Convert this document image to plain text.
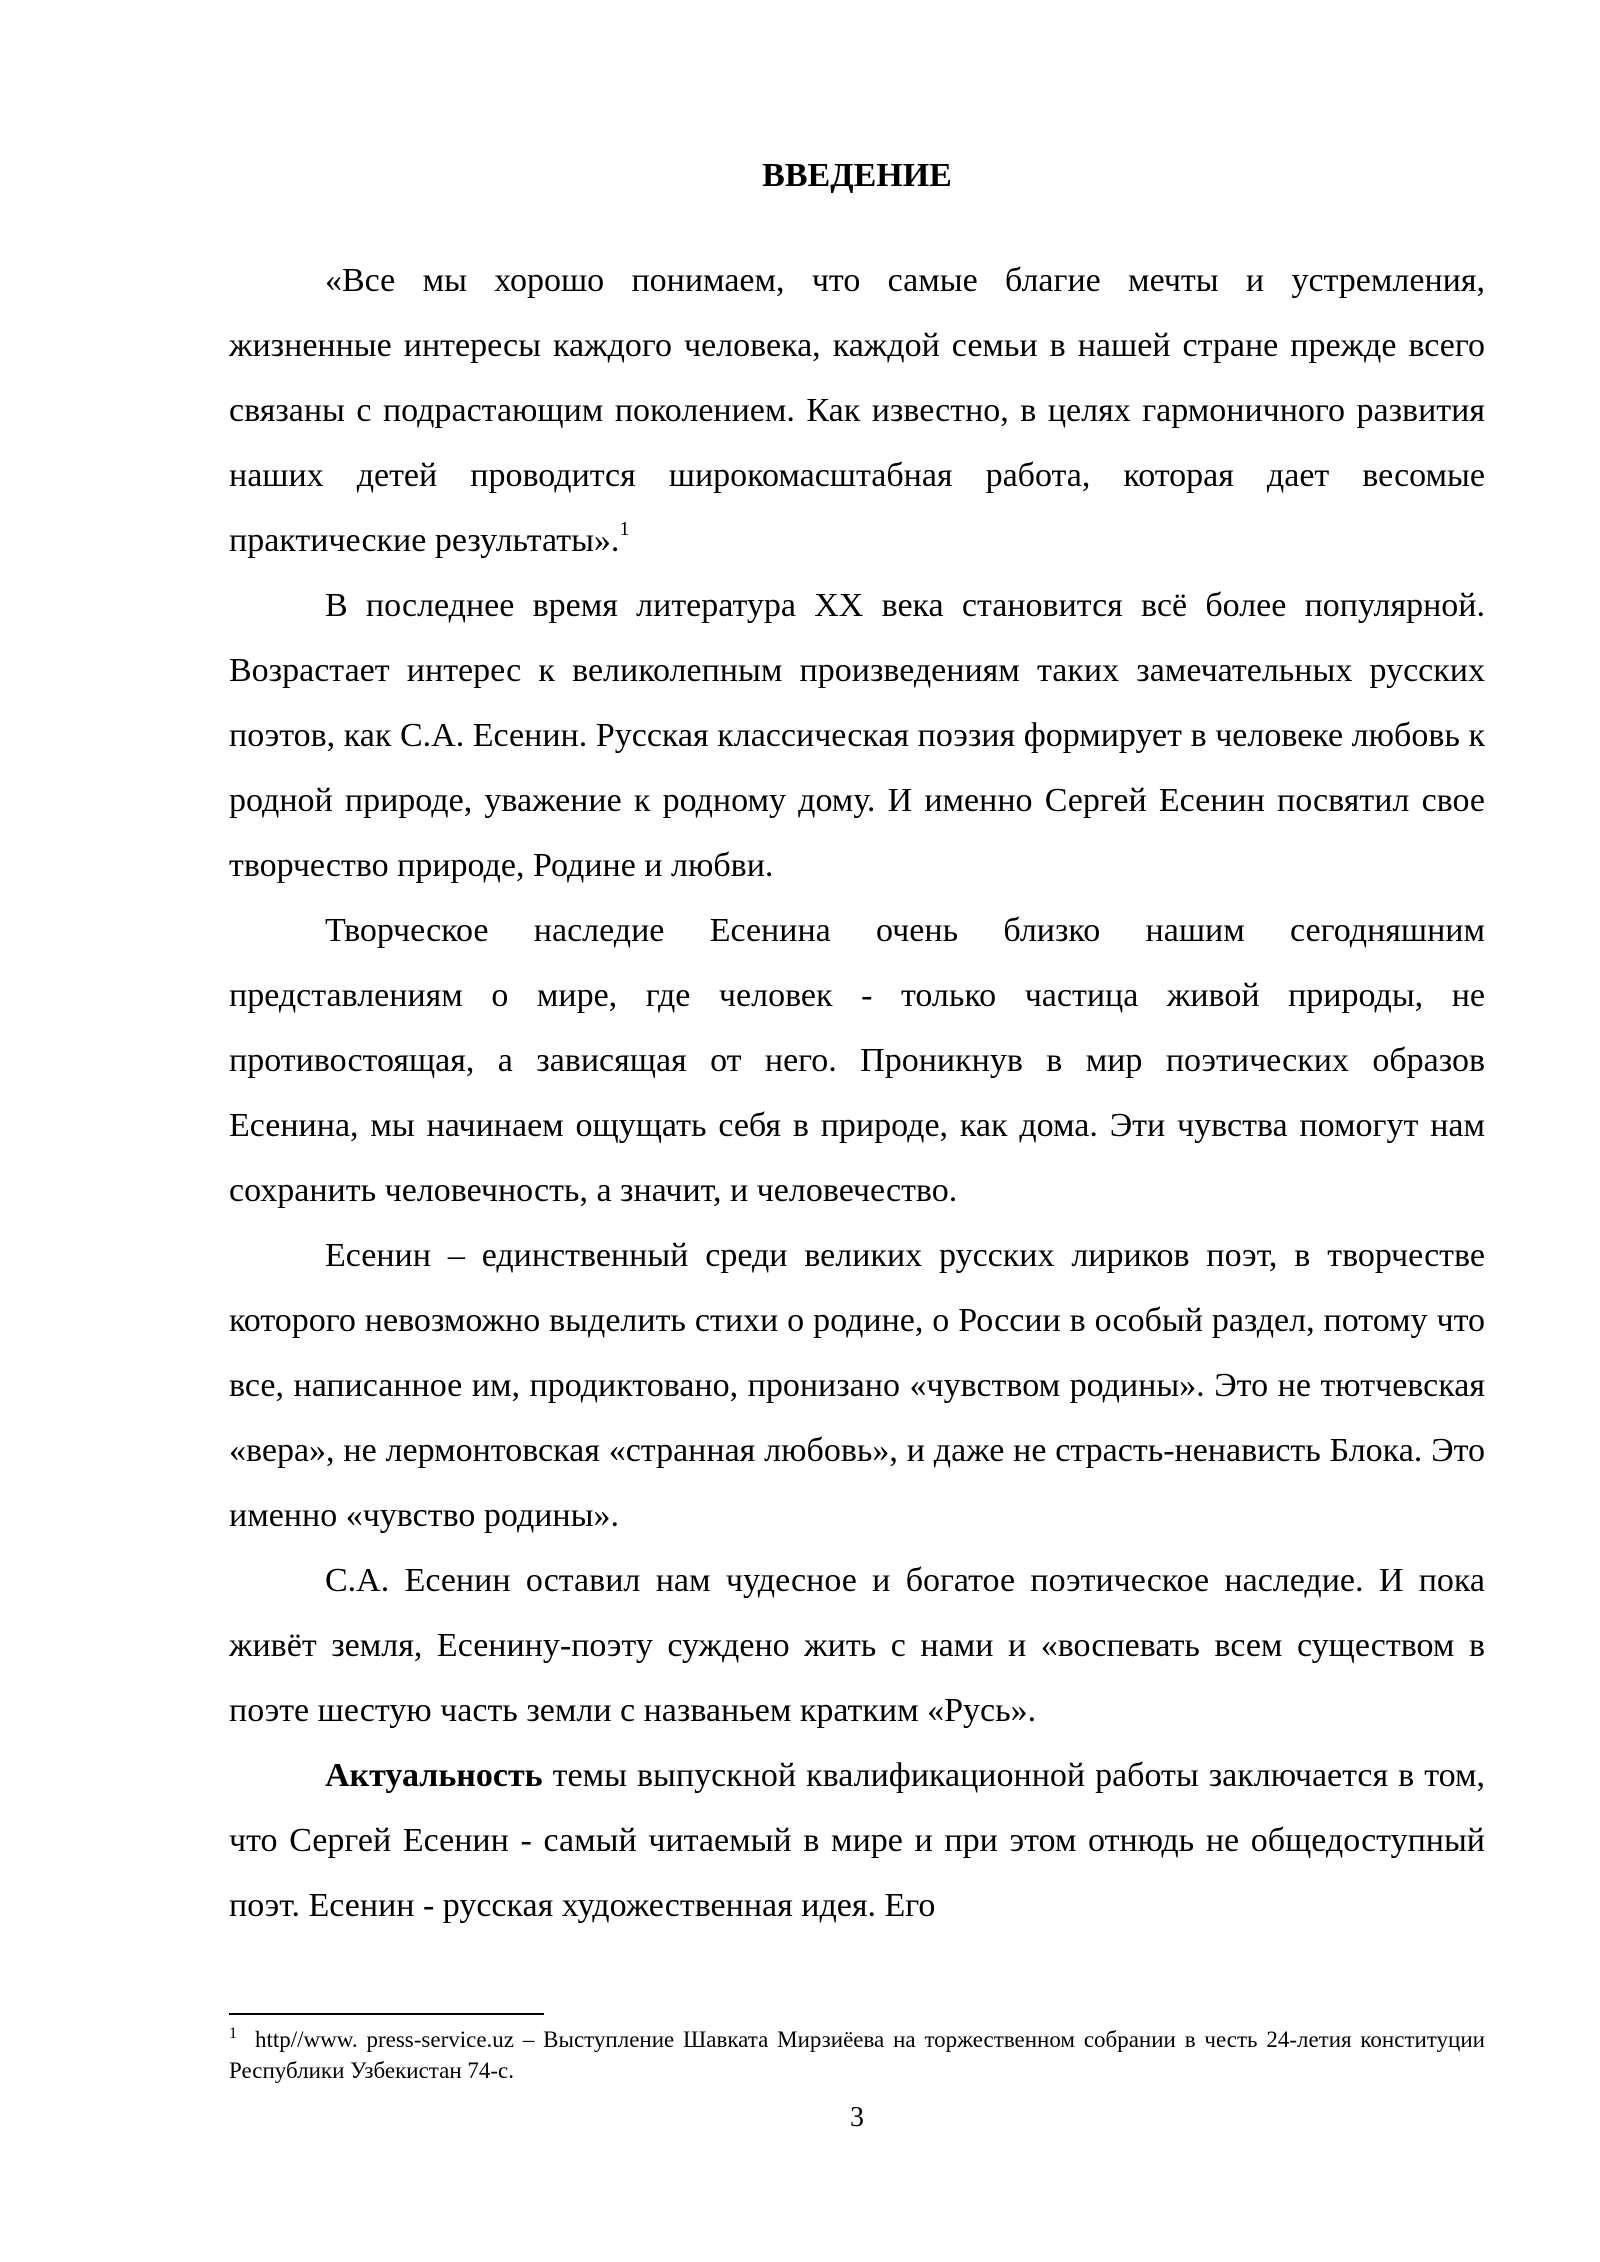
ВВЕДЕНИЕ

«Все мы хорошо понимаем, что самые благие мечты и устремления, жизненные интересы каждого человека, каждой семьи в нашей стране прежде всего связаны с подрастающим поколением. Как известно, в целях гармоничного развития наших детей проводится широкомасштабная работа, которая дает весомые практические результаты».$^1$

В последнее время литература XX века становится всё более популярной. Возрастает интерес к великолепным произведениям таких замечательных русских поэтов, как С.А. Есенин. Русская классическая поэзия формирует в человеке любовь к родной природе, уважение к родному дому. И именно Сергей Есенин посвятил свое творчество природе, Родине и любви.

Творческое наследие Есенина очень близко нашим сегодняшним представлениям о мире, где человек - только частица живой природы, не противостоящая, а зависящая от него. Проникнув в мир поэтических образов Есенина, мы начинаем ощущать себя в природе, как дома. Эти чувства помогут нам сохранить человечность, а значит, и человечество.

Есенин – единственный среди великих русских лириков поэт, в творчестве которого невозможно выделить стихи о родине, о России в особый раздел, потому что все, написанное им, продиктовано, пронизано «чувством родины». Это не тютчевская «вера», не лермонтовская «странная любовь», и даже не страсть-ненависть Блока. Это именно «чувство родины».

С.А. Есенин оставил нам чудесное и богатое поэтическое наследие. И пока живёт земля, Есенину-поэту суждено жить с нами и «воспевать всем существом в поэте шестую часть земли с названьем кратким «Русь».

Актуальность темы выпускной квалификационной работы заключается в том, что Сергей Есенин - самый читаемый в мире и при этом отнюдь не общедоступный поэт. Есенин - русская художественная идея. Его

$^1$ http//www. press-service.uz – Выступление Шавката Мирзиёева на торжественном собрании в честь 24-летия конституции Республики Узбекистан 74-с.
3
